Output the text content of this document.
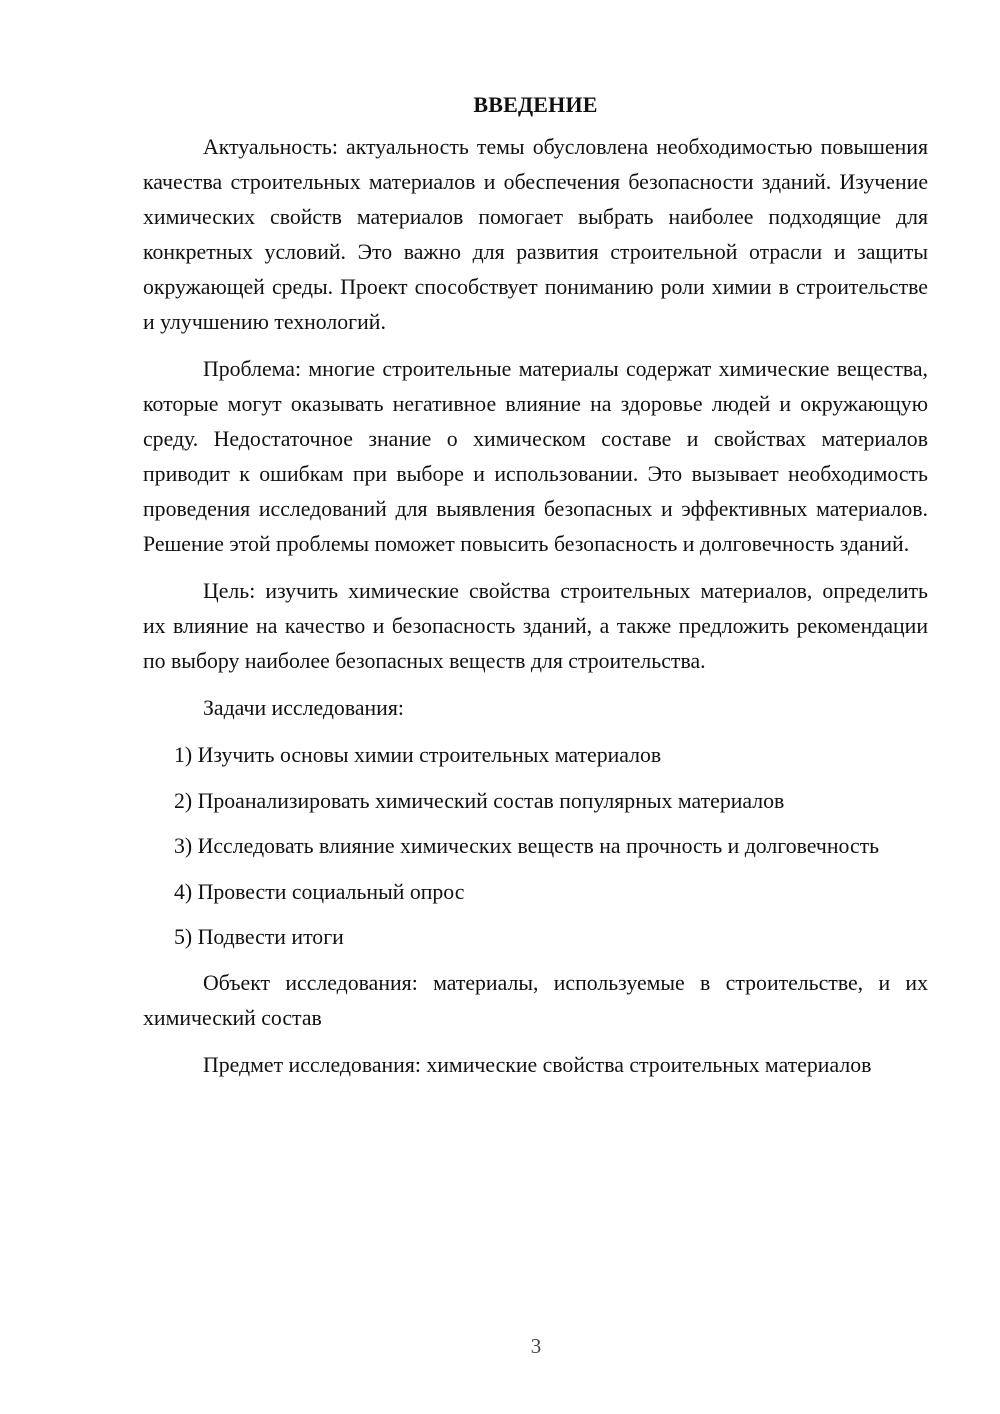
ВВЕДЕНИЕ

Актуальность: актуальность темы обусловлена необходимостью повышения качества строительных материалов и обеспечения безопасности зданий. Изучение химических свойств материалов помогает выбрать наиболее подходящие для конкретных условий. Это важно для развития строительной отрасли и защиты окружающей среды. Проект способствует пониманию роли химии в строительстве и улучшению технологий.

Проблема: многие строительные материалы содержат химические вещества, которые могут оказывать негативное влияние на здоровье людей и окружающую среду. Недостаточное знание о химическом составе и свойствах материалов приводит к ошибкам при выборе и использовании. Это вызывает необходимость проведения исследований для выявления безопасных и эффективных материалов. Решение этой проблемы поможет повысить безопасность и долговечность зданий.

Цель: изучить химические свойства строительных материалов, определить их влияние на качество и безопасность зданий, а также предложить рекомендации по выбору наиболее безопасных веществ для строительства.

Задачи исследования:

1) Изучить основы химии строительных материалов

2) Проанализировать химический состав популярных материалов

3) Исследовать влияние химических веществ на прочность и долговечность

4) Провести социальный опрос

5) Подвести итоги

Объект исследования: материалы, используемые в строительстве, и их химический состав

Предмет исследования: химические свойства строительных материалов

3
